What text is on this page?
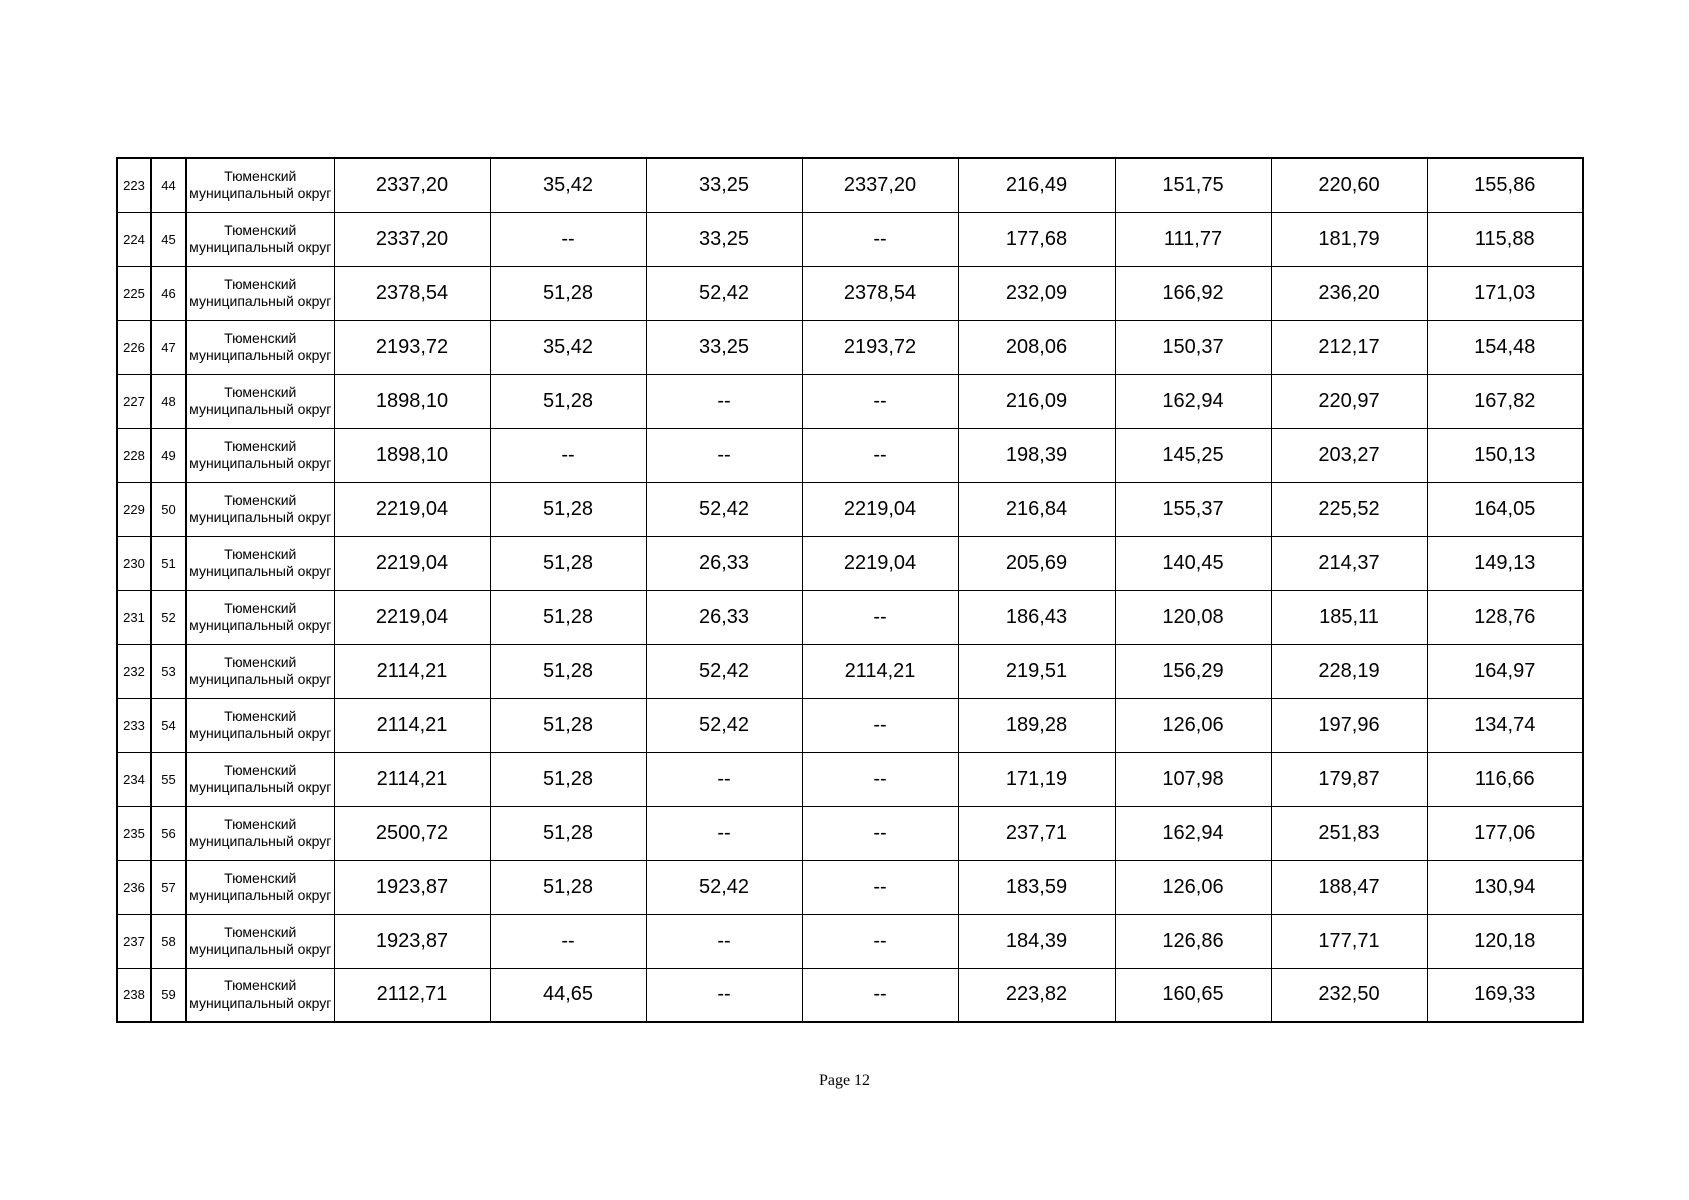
223	44	Тюменский муниципальный округ	2337,20	35,42	33,25	2337,20	216,49	151,75	220,60	155,86
224	45	Тюменский муниципальный округ	2337,20	--	33,25	--	177,68	111,77	181,79	115,88
225	46	Тюменский муниципальный округ	2378,54	51,28	52,42	2378,54	232,09	166,92	236,20	171,03
226	47	Тюменский муниципальный округ	2193,72	35,42	33,25	2193,72	208,06	150,37	212,17	154,48
227	48	Тюменский муниципальный округ	1898,10	51,28	--	--	216,09	162,94	220,97	167,82
228	49	Тюменский муниципальный округ	1898,10	--	--	--	198,39	145,25	203,27	150,13
229	50	Тюменский муниципальный округ	2219,04	51,28	52,42	2219,04	216,84	155,37	225,52	164,05
230	51	Тюменский муниципальный округ	2219,04	51,28	26,33	2219,04	205,69	140,45	214,37	149,13
231	52	Тюменский муниципальный округ	2219,04	51,28	26,33	--	186,43	120,08	185,11	128,76
232	53	Тюменский муниципальный округ	2114,21	51,28	52,42	2114,21	219,51	156,29	228,19	164,97
233	54	Тюменский муниципальный округ	2114,21	51,28	52,42	--	189,28	126,06	197,96	134,74
234	55	Тюменский муниципальный округ	2114,21	51,28	--	--	171,19	107,98	179,87	116,66
235	56	Тюменский муниципальный округ	2500,72	51,28	--	--	237,71	162,94	251,83	177,06
236	57	Тюменский муниципальный округ	1923,87	51,28	52,42	--	183,59	126,06	188,47	130,94
237	58	Тюменский муниципальный округ	1923,87	--	--	--	184,39	126,86	177,71	120,18
238	59	Тюменский муниципальный округ	2112,71	44,65	--	--	223,82	160,65	232,50	169,33
Page 12
